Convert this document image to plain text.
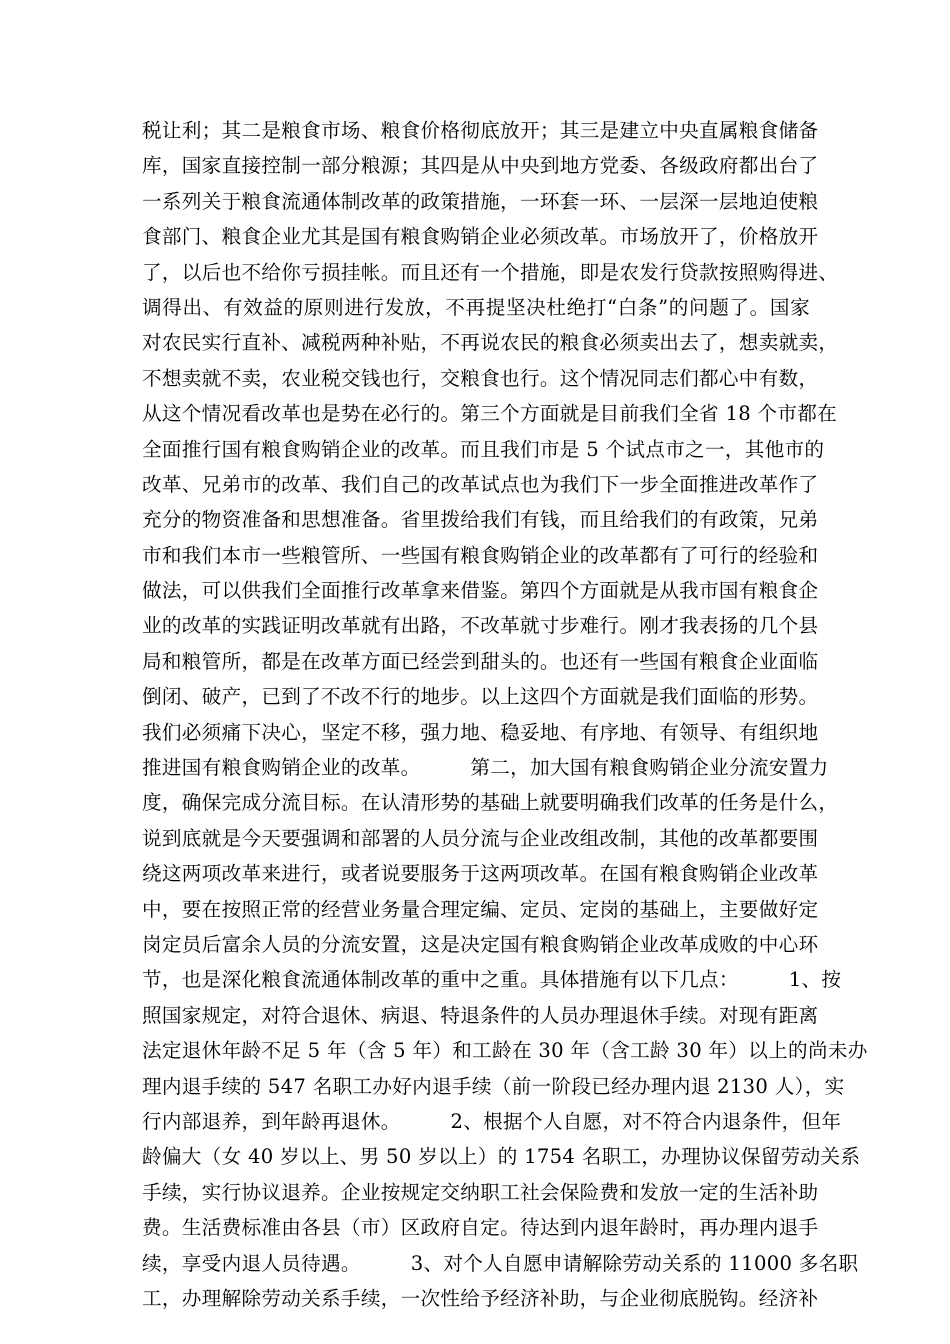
税让利；其二是粮食市场、粮食价格彻底放开；其三是建立中央直属粮食储备
库，国家直接控制一部分粮源；其四是从中央到地方党委、各级政府都出台了
一系列关于粮食流通体制改革的政策措施，一环套一环、一层深一层地迫使粮
食部门、粮食企业尤其是国有粮食购销企业必须改革。市场放开了，价格放开
了，以后也不给你亏损挂帐。而且还有一个措施，即是农发行贷款按照购得进、
调得出、有效益的原则进行发放，不再提坚决杜绝打“白条”的问题了。国家
对农民实行直补、减税两种补贴，不再说农民的粮食必须卖出去了，想卖就卖，
不想卖就不卖，农业税交钱也行，交粮食也行。这个情况同志们都心中有数，
从这个情况看改革也是势在必行的。第三个方面就是目前我们全省 18 个市都在
全面推行国有粮食购销企业的改革。而且我们市是 5 个试点市之一，其他市的
改革、兄弟市的改革、我们自己的改革试点也为我们下一步全面推进改革作了
充分的物资准备和思想准备。省里拨给我们有钱，而且给我们的有政策，兄弟
市和我们本市一些粮管所、一些国有粮食购销企业的改革都有了可行的经验和
做法，可以供我们全面推行改革拿来借鉴。第四个方面就是从我市国有粮食企
业的改革的实践证明改革就有出路，不改革就寸步难行。刚才我表扬的几个县
局和粮管所，都是在改革方面已经尝到甜头的。也还有一些国有粮食企业面临
倒闭、破产，已到了不改不行的地步。以上这四个方面就是我们面临的形势。
我们必须痛下决心，坚定不移，强力地、稳妥地、有序地、有领导、有组织地
推进国有粮食购销企业的改革。　　　第二，加大国有粮食购销企业分流安置力
度，确保完成分流目标。在认清形势的基础上就要明确我们改革的任务是什么，
说到底就是今天要强调和部署的人员分流与企业改组改制，其他的改革都要围
绕这两项改革来进行，或者说要服务于这两项改革。在国有粮食购销企业改革
中，要在按照正常的经营业务量合理定编、定员、定岗的基础上，主要做好定
岗定员后富余人员的分流安置，这是决定国有粮食购销企业改革成败的中心环
节，也是深化粮食流通体制改革的重中之重。具体措施有以下几点：　　　1、按
照国家规定，对符合退休、病退、特退条件的人员办理退休手续。对现有距离
法定退休年龄不足 5 年（含 5 年）和工龄在 30 年（含工龄 30 年）以上的尚未办
理内退手续的 547 名职工办好内退手续（前一阶段已经办理内退 2130 人），实
行内部退养，到年龄再退休。　　　2、根据个人自愿，对不符合内退条件，但年
龄偏大（女 40 岁以上、男 50 岁以上）的 1754 名职工，办理协议保留劳动关系
手续，实行协议退养。企业按规定交纳职工社会保险费和发放一定的生活补助
费。生活费标准由各县（市）区政府自定。待达到内退年龄时，再办理内退手
续，享受内退人员待遇。　　　3、对个人自愿申请解除劳动关系的 11000 多名职
工，办理解除劳动关系手续，一次性给予经济补助，与企业彻底脱钩。经济补
